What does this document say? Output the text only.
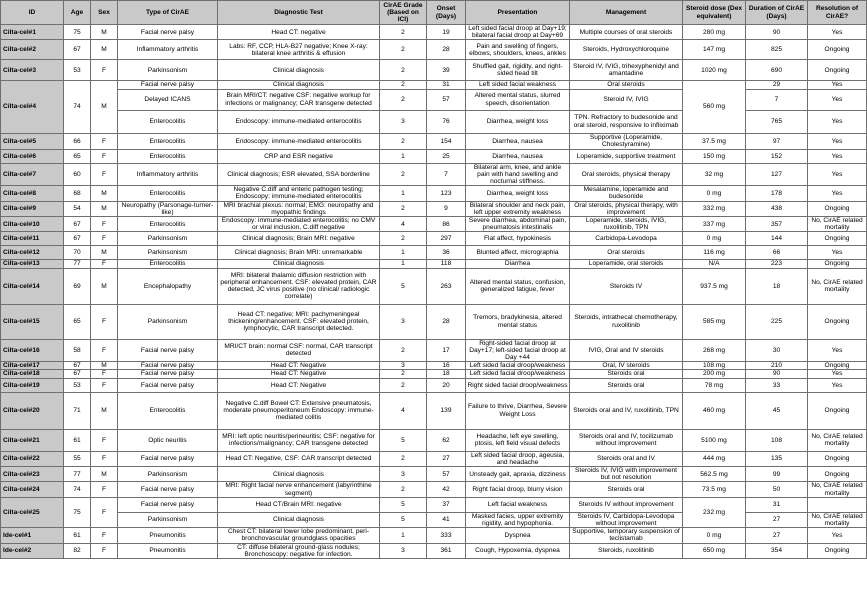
ID	Age	Sex	Type of CirAE	Diagnostic Test	CirAE Grade (Based on ICI)	Onset (Days)	Presentation	Management	Steroid dose (Dex equivalent)	Duration of CirAE (Days)	Resolution of CirAE?
Cilta-cel#1	75	M	Facial nerve palsy	Head CT: negative	2	19	Left sided facial droop at Day+19; bilateral facial droop at Day+69	Multiple courses of oral steroids	280 mg	90	Yes
Cilta-cel#2	67	M	Inflammatory arthritis	Labs: RF, CCP, HLA-B27 negative; Knee X-ray: bilateral knee arthritis & effusion	2	28	Pain and swelling of fingers, elbows, shoulders, knees, ankles	Steroids, Hydroxychloroquine	147 mg	825	Ongoing
Cilta-cel#3	53	F	Parkinsonism	Clinical diagnosis	2	39	Shuffled gait, rigidity, and right-sided head tilt	Steroid IV, IVIG, trihexyphenidyl and amantadine	1020 mg	690	Ongoing
Cilta-cel#4	74	M	Facial nerve palsy	Clinical diagnosis	2	31	Left sided facial weakness	Oral steroids	560 mg	29	Yes
			Delayed ICANS	Brain MRI/CT: negative CSF: negative workup for infections or malignancy; CAR transgene detected	2	57	Altered mental status, slurred speech, disorientation	Steroid IV, IVIG		7	Yes
			Enterocolitis	Endoscopy: immune-mediated enterocolitis	3	76	Diarrhea, weight loss	TPN. Refractory to budesonide and oral steroid, responsive to infliximab		765	Yes
Cilta-cel#5	66	F	Enterocolitis	Endoscopy: immune-mediated enterocolitis	2	154	Diarrhea, nausea	Supportive (Loperamide, Cholestyramine)	37.5 mg	97	Yes
Cilta-cel#6	65	F	Enterocolitis	CRP and ESR negative	1	25	Diarrhea, nausea	Loperamide, supportive treatment	150 mg	152	Yes
Cilta-cel#7	60	F	Inflammatory arthritis	Clinical diagnosis; ESR elevated, SSA borderline	2	7	Bilateral arm, knee, and ankle pain with hand swelling and nocturnal stiffness.	Oral steroids, physical therapy	32 mg	127	Yes
Cilta-cel#8	68	M	Enterocolitis	Negative C.diff and enteric pathogen testing; Endoscopy: immune-mediated enterocolitis	1	123	Diarrhea, weight loss	Mesalamine, loperamide and budesonide	0 mg	178	Yes
Cilta-cel#9	54	M	Neuropathy (Parsonage-turner-like)	MRI brachial plexus: normal; EMG: neuropathy and myopathic findings	2	9	Bilateral shoulder and neck pain, left upper extremity weakness	Oral steroids, physical therapy, with improvement	332 mg	438	Ongoing
Cilta-cel#10	67	F	Enterocolitis	Endoscopy: immune-mediated enterocolitis; no CMV or viral inclusion, C.diff negative	4	86	Severe diarrhea, abdominal pain, pneumatosis intestinalis	Loperamide, steroids, IVIG, ruxolitinib, TPN	337 mg	357	No, CirAE related mortality
Cilta-cel#11	67	F	Parkinsonism	Clinical diagnosis; Brain MRI: negative	2	297	Flat affect, hypokinesis	Carbidopa-Levodopa	0 mg	144	Ongoing
Cilta-cel#12	70	M	Parkinsonism	Clinical diagnosis; Brain MRI: unremarkable	1	36	Blunted affect, micrographia	Oral steroids	116 mg	66	Yes
Cilta-cel#13	77	F	Enterocolitis	Clinical diagnosis	1	118	Diarrhea	Loperamide, oral steroids	N/A	223	Ongoing
Cilta-cel#14	69	M	Encephalopathy	MRI: bilateral thalamic diffusion restriction with peripheral enhancement. CSF: elevated protein, CAR detected, JC virus positive (no clinical/ radiologic correlate)	5	263	Altered mental status, confusion, generalized fatigue, fever	Steroids IV	937.5 mg	18	No, CirAE related mortality
Cilta-cel#15	65	F	Parkinsonism	Head CT: negative; MRI: pachymeningeal thickening/enhancement. CSF: elevated protein, lymphocytic, CAR transcript detected.	3	28	Tremors, bradykinesia, altered mental status	Steroids, intrathecal chemotherapy, ruxolitinib	585 mg	225	Ongoing
Cilta-cel#16	58	F	Facial nerve palsy	MRI/CT brain: normal CSF: normal, CAR transcript detected	2	17	Right-sided facial droop at Day+17; left-sided facial droop at Day +44	IVIG, Oral and IV steroids	268 mg	30	Yes
Cilta-cel#17	67	M	Facial nerve palsy	Head CT: Negative	3	16	Left sided facial droop/weakness	Oral, IV steroids	108 mg	210	Ongoing
Cilta-cel#18	67	F	Facial nerve palsy	Head CT: Negative	2	18	Left sided facial droop/weakness	Steroids oral	200 mg	90	Yes
Cilta-cel#19	53	F	Facial nerve palsy	Head CT: Negative	2	20	Right sided facial droop/weakness	Steroids oral	78 mg	33	Yes
Cilta-cel#20	71	M	Enterocolitis	Negative C.diff Bowel CT: Extensive pneumatosis, moderate pneumoperitoneum Endoscopy: immune-mediated colitis	4	139	Failure to thrive, Diarrhea, Severe Weight Loss	Steroids oral and IV, ruxolitinib, TPN	460 mg	45	Ongoing
Cilta-cel#21	61	F	Optic neuritis	MRI: left optic neuritis/perineuritis; CSF: negative for infections/malignancy; CAR transgene detected	5	62	Headache, left eye swelling, ptosis, left field visual defects	Steroids oral and IV, tocilizumab without improvement	5100 mg	108	No, CirAE related mortality
Cilta-cel#22	55	F	Facial nerve palsy	Head CT: Negative, CSF: CAR transcript detected	2	27	Left sided facial droop, ageusia, and headache	Steroids oral and IV	444 mg	135	Ongoing
Cilta-cel#23	77	M	Parkinsonism	Clinical diagnosis	3	57	Unsteady gait, apraxia, dizziness	Steroids IV, IVIG with improvement but not resolution	562.5 mg	99	Ongoing
Cilta-cel#24	74	F	Facial nerve palsy	MRI: Right facial nerve enhancement (labyrinthine segment)	2	42	Right facial droop, blurry vision	Steroids oral	73.5 mg	50	No, CirAE related mortality
Cilta-cel#25	75	F	Facial nerve palsy	Head CT/Brain MRI: negative	5	37	Left facial weakness	Steroids IV without improvement	232 mg	31	
			Parkinsonism	Clinical diagnosis	5	41	Masked facies, upper extremity rigidity, and hypophonia.	Steroids IV, Carbidopa-Levodopa without improvement		27	No, CirAE related mortality
Ide-cel#1	61	F	Pneumonitis	Chest CT: bilateral lower lobe predominant, peri-bronchovascular groundglass opacities	1	333	Dyspnea	Supportive, temporary suspension of teclistamab	0 mg	27	Yes
Ide-cel#2	82	F	Pneumonitis	CT: diffuse bilateral ground-glass nodules; Bronchoscopy: negative for infection.	3	361	Cough, Hypoxemia, dyspnea	Steroids, ruxolitinib	650 mg	354	Ongoing
